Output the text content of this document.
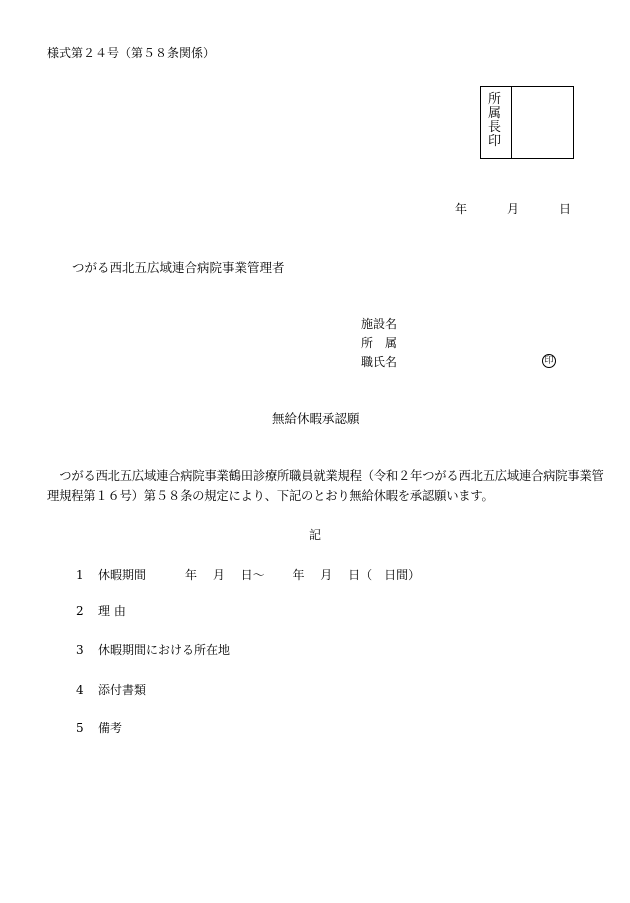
様式第２４号（第５８条関係）
所属長印
年	月	日
つがる西北五広域連合病院事業管理者
施設名
所　属
職氏名	印
無給休暇承認願
つがる西北五広域連合病院事業鶴田診療所職員就業規程（令和２年つがる西北五広域連合病院事業管理規程第１６号）第５８条の規定により、下記のとおり無給休暇を承認願います。
記
1 休暇期間	年　 月　 日～　　 年　 月　 日（　日間）
2 理 由
3 休暇期間における所在地
4 添付書類
5 備考
